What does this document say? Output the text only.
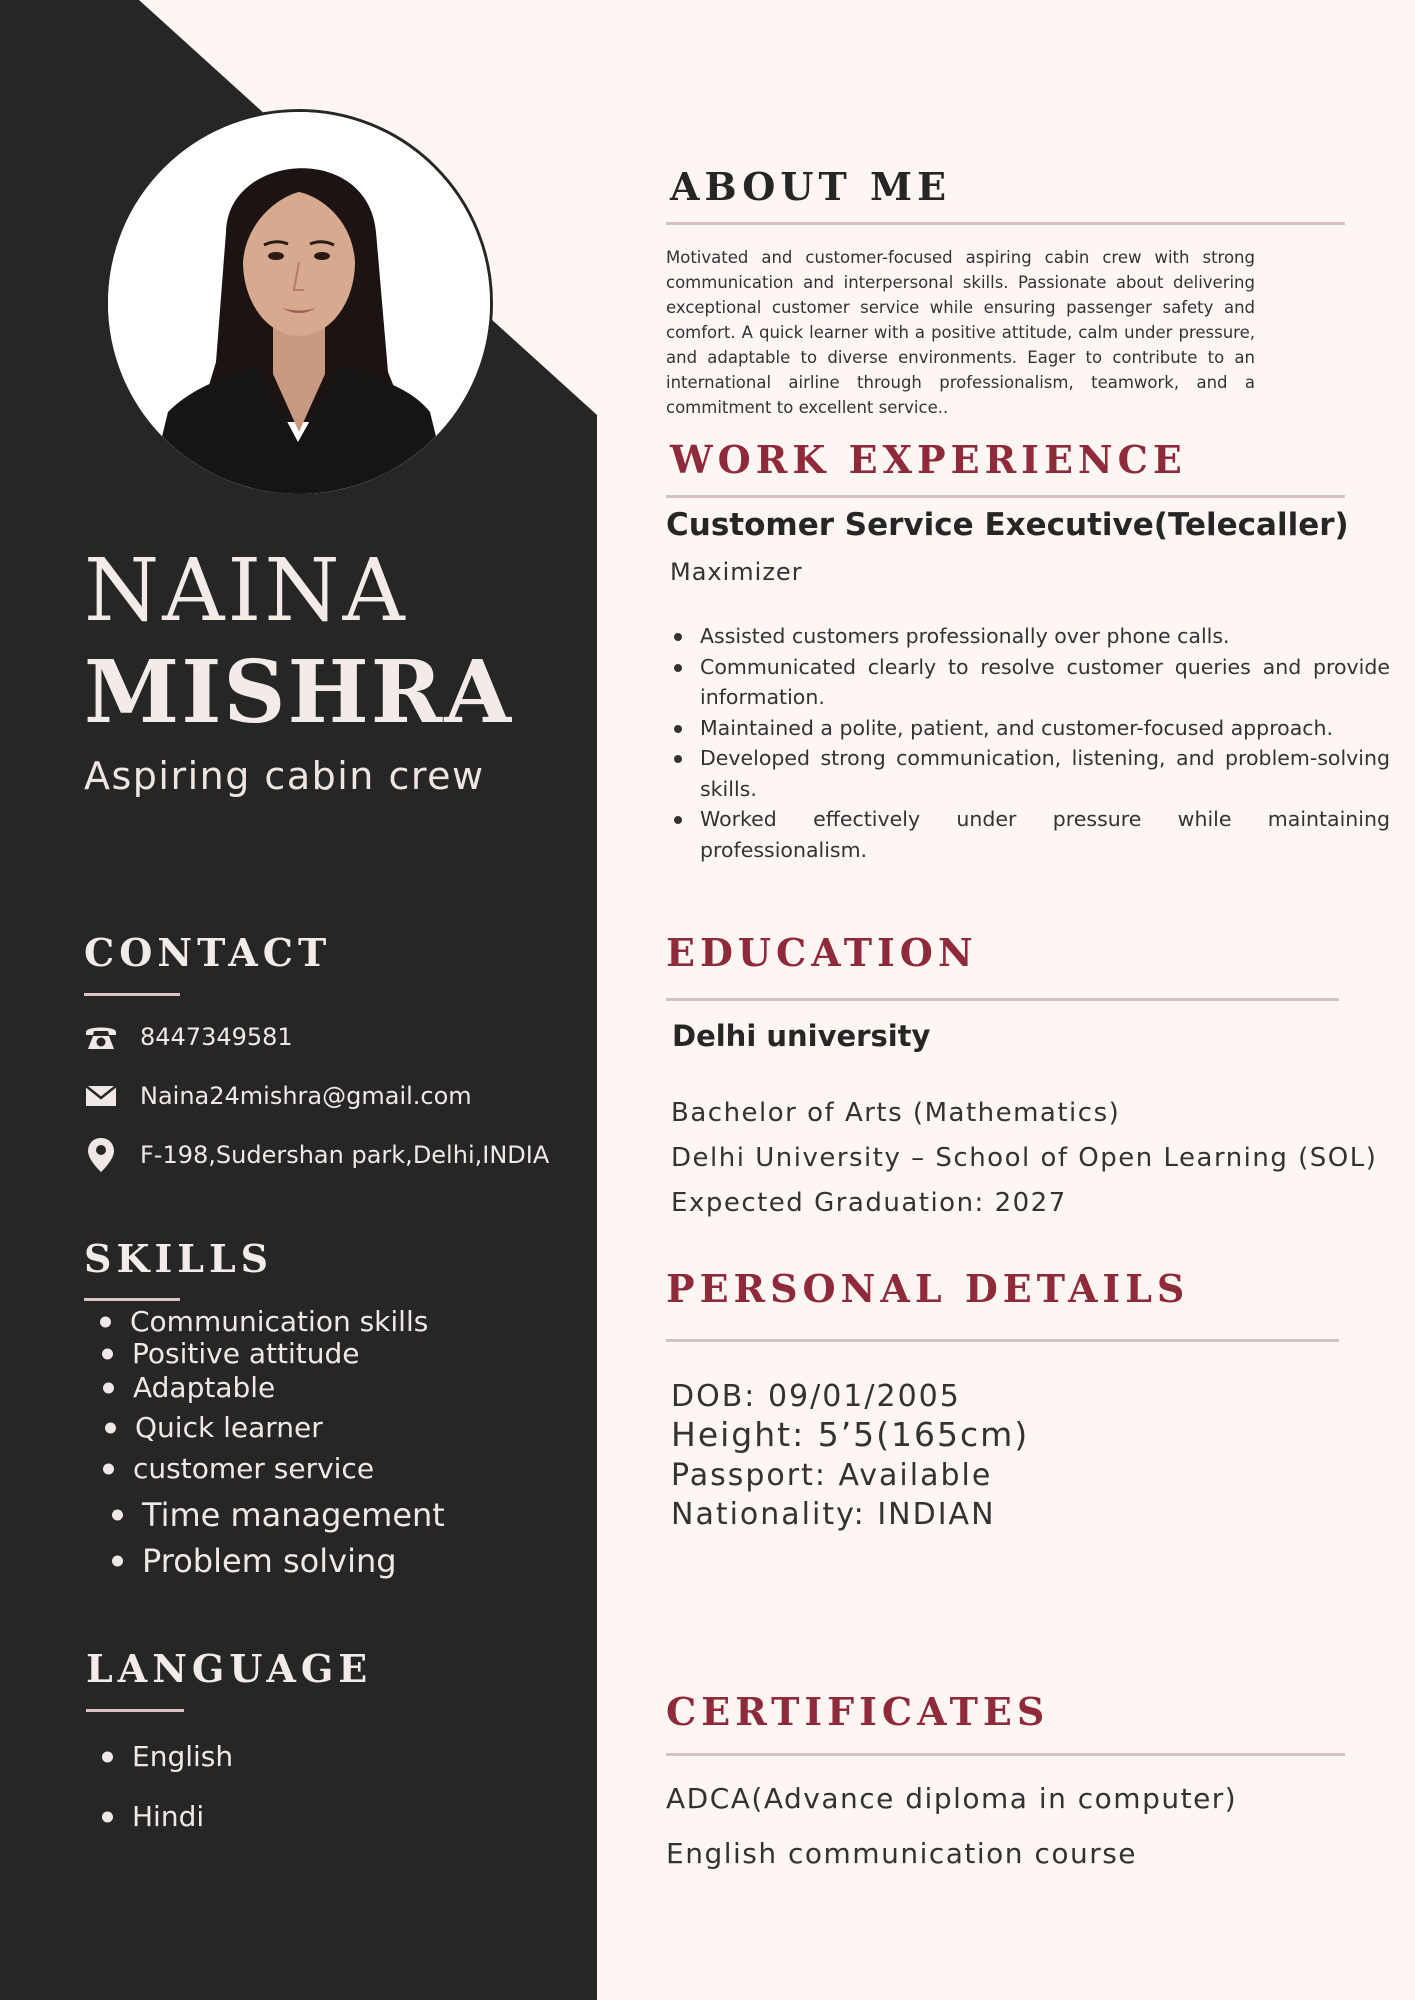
NAINA
MISHRA
Aspiring cabin crew
CONTACT
8447349581
Naina24mishra@gmail.com
F-198,Sudershan park,Delhi,INDIA
SKILLS
Communication skills
Positive attitude
Adaptable
Quick learner
customer service
Time management
Problem solving
LANGUAGE
English
Hindi
ABOUT ME
Motivated and customer-focused aspiring cabin crew with strong communication and interpersonal skills. Passionate about delivering exceptional customer service while ensuring passenger safety and comfort. A quick learner with a positive attitude, calm under pressure, and adaptable to diverse environments. Eager to contribute to an international airline through professionalism, teamwork, and a commitment to excellent service..
WORK EXPERIENCE
Customer Service Executive(Telecaller)
Maximizer
Assisted customers professionally over phone calls.
Communicated clearly to resolve customer queries and provide information.
Maintained a polite, patient, and customer-focused approach.
Developed strong communication, listening, and problem-solving skills.
Worked effectively under pressure while maintaining professionalism.
EDUCATION
Delhi university
Bachelor of Arts (Mathematics)
Delhi University – School of Open Learning (SOL)
Expected Graduation: 2027
PERSONAL DETAILS
DOB: 09/01/2005
Height: 5’5(165cm)
Passport: Available
Nationality: INDIAN
CERTIFICATES
ADCA(Advance diploma in computer)
English communication course
